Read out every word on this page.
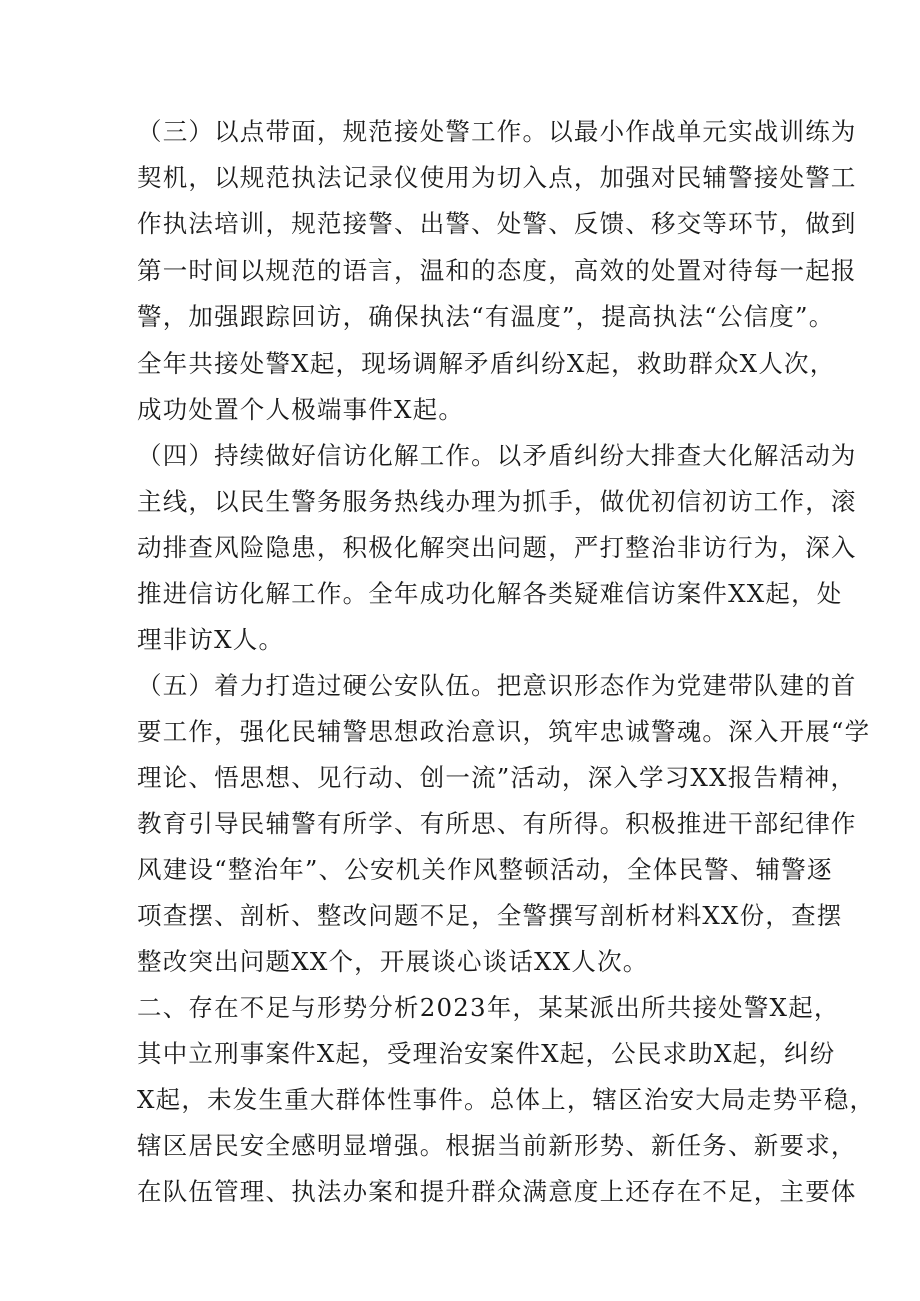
（三）以点带面，规范接处警工作。以最小作战单元实战训练为
契机，以规范执法记录仪使用为切入点，加强对民辅警接处警工
作执法培训，规范接警、出警、处警、反馈、移交等环节，做到
第一时间以规范的语言，温和的态度，高效的处置对待每一起报
警，加强跟踪回访，确保执法“有温度”，提高执法“公信度”。
全年共接处警X起，现场调解矛盾纠纷X起，救助群众X人次，
成功处置个人极端事件X起。
（四）持续做好信访化解工作。以矛盾纠纷大排查大化解活动为
主线，以民生警务服务热线办理为抓手，做优初信初访工作，滚
动排查风险隐患，积极化解突出问题，严打整治非访行为，深入
推进信访化解工作。全年成功化解各类疑难信访案件XX起，处
理非访X人。
（五）着力打造过硬公安队伍。把意识形态作为党建带队建的首
要工作，强化民辅警思想政治意识，筑牢忠诚警魂。深入开展“学
理论、悟思想、见行动、创一流”活动，深入学习XX报告精神，
教育引导民辅警有所学、有所思、有所得。积极推进干部纪律作
风建设“整治年”、公安机关作风整顿活动，全体民警、辅警逐
项查摆、剖析、整改问题不足，全警撰写剖析材料XX份，查摆
整改突出问题XX个，开展谈心谈话XX人次。
二、存在不足与形势分析2023年，某某派出所共接处警X起，
其中立刑事案件X起，受理治安案件X起，公民求助X起，纠纷
X起，未发生重大群体性事件。总体上，辖区治安大局走势平稳，
辖区居民安全感明显增强。根据当前新形势、新任务、新要求，
在队伍管理、执法办案和提升群众满意度上还存在不足，主要体
